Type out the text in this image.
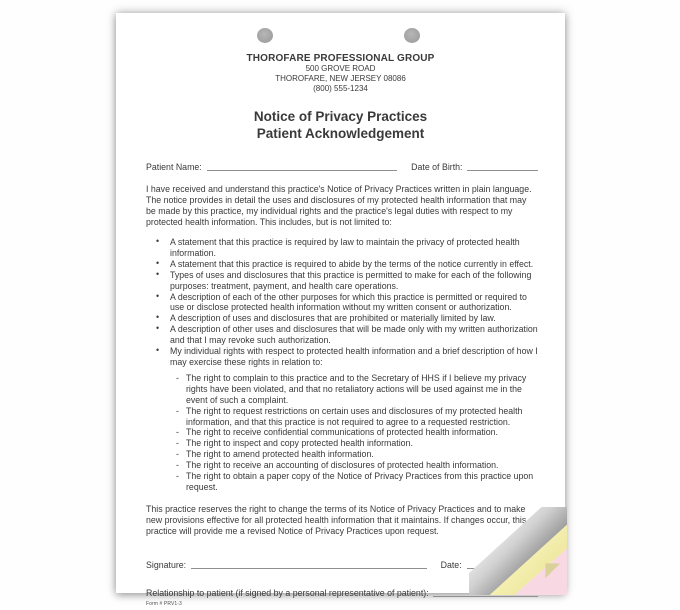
THOROFARE PROFESSIONAL GROUP
500 GROVE ROAD
THOROFARE, NEW JERSEY 08086
(800) 555-1234
Notice of Privacy Practices
Patient Acknowledgement
Patient Name:	Date of Birth:

I have received and understand this practice's Notice of Privacy Practices written in plain language. The notice provides in detail the uses and disclosures of my protected health information that may be made by this practice, my individual rights and the practice's legal duties with respect to my protected health information. This includes, but is not limited to:

• A statement that this practice is required by law to maintain the privacy of protected health information.
• A statement that this practice is required to abide by the terms of the notice currently in effect.
• Types of uses and disclosures that this practice is permitted to make for each of the following purposes: treatment, payment, and health care operations.
• A description of each of the other purposes for which this practice is permitted or required to use or disclose protected health information without my written consent or authorization.
• A description of uses and disclosures that are prohibited or materially limited by law.
• A description of other uses and disclosures that will be made only with my written authorization and that I may revoke such authorization.
• My individual rights with respect to protected health information and a brief description of how I may exercise these rights in relation to:
- The right to complain to this practice and to the Secretary of HHS if I believe my privacy rights have been violated, and that no retaliatory actions will be used against me in the event of such a complaint.
- The right to request restrictions on certain uses and disclosures of my protected health information, and that this practice is not required to agree to a requested restriction.
- The right to receive confidential communications of protected health information.
- The right to inspect and copy protected health information.
- The right to amend protected health information.
- The right to receive an accounting of disclosures of protected health information.
- The right to obtain a paper copy of the Notice of Privacy Practices from this practice upon request.

This practice reserves the right to change the terms of its Notice of Privacy Practices and to make new provisions effective for all protected health information that it maintains. If changes occur, this practice will provide me a revised Notice of Privacy Practices upon request.

Signature:	Date:
Relationship to patient (if signed by a personal representative of patient):
Form # PRV1-3
